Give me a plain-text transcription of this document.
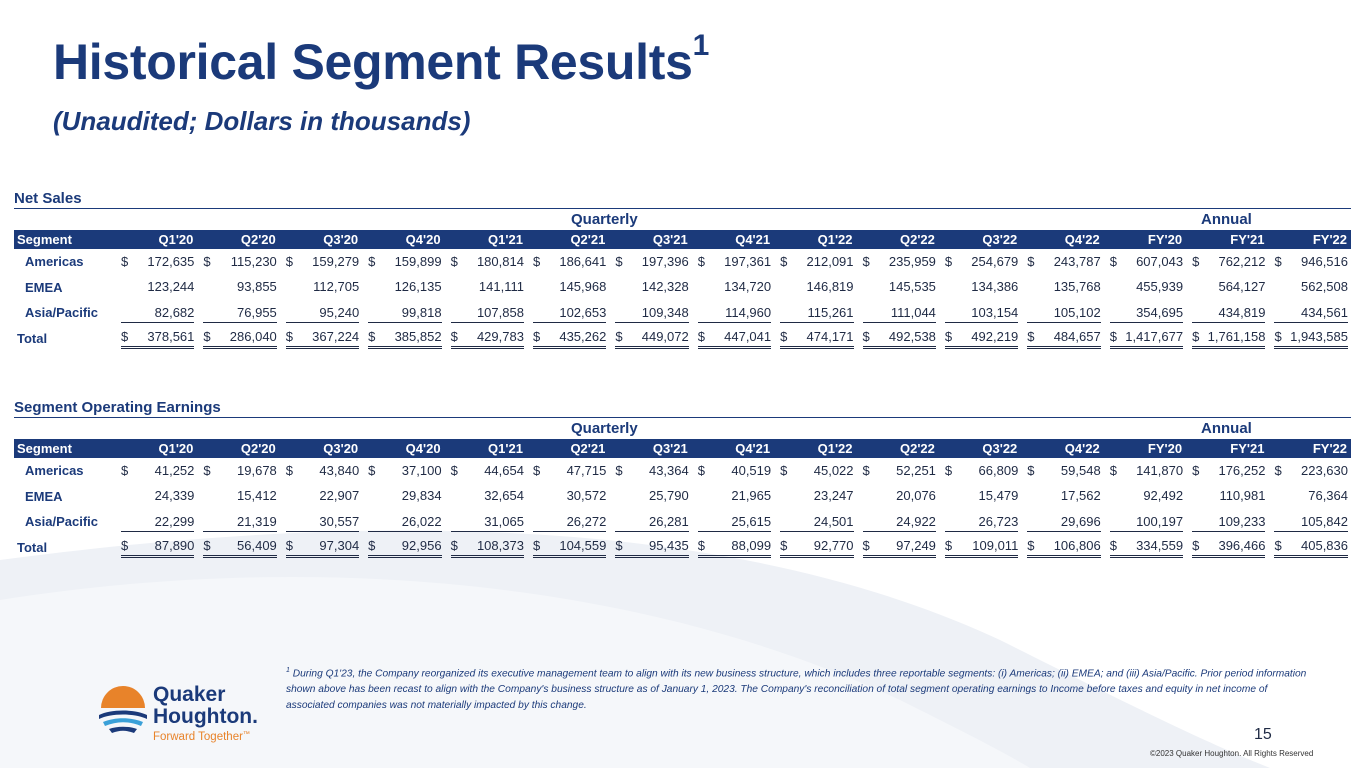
Historical Segment Results$^1$
(Unaudited; Dollars in thousands)
Net Sales
Quarterly	Annual
Segment	Q1'20	Q2'20	Q3'20	Q4'20	Q1'21	Q2'21	Q3'21	Q4'21	Q1'22	Q2'22	Q3'22	Q4'22	FY'20	FY'21	FY'22
Americas	$ 172,635	$ 115,230	$ 159,279	$ 159,899	$ 180,814	$ 186,641	$ 197,396	$ 197,361	$ 212,091	$ 235,959	$ 254,679	$ 243,787	$ 607,043	$ 762,212	$ 946,516

EMEA	123,244	93,855	112,705	126,135	141,111	145,968	142,328	134,720	146,819	145,535	134,386	135,768	455,939	564,127	562,508

Asia/Pacific	82,682	76,955	95,240	99,818	107,858	102,653	109,348	114,960	115,261	111,044	103,154	105,102	354,695	434,819	434,561

Total	$ 378,561	$ 286,040	$ 367,224	$ 385,852	$ 429,783	$ 435,262	$ 449,072	$ 447,041	$ 474,171	$ 492,538	$ 492,219	$ 484,657	$ 1,417,677	$ 1,761,158	$ 1,943,585
Segment Operating Earnings
Quarterly	Annual
Segment	Q1'20	Q2'20	Q3'20	Q4'20	Q1'21	Q2'21	Q3'21	Q4'21	Q1'22	Q2'22	Q3'22	Q4'22	FY'20	FY'21	FY'22
Americas	$ 41,252	$ 19,678	$ 43,840	$ 37,100	$ 44,654	$ 47,715	$ 43,364	$ 40,519	$ 45,022	$ 52,251	$ 66,809	$ 59,548	$ 141,870	$ 176,252	$ 223,630

EMEA	24,339	15,412	22,907	29,834	32,654	30,572	25,790	21,965	23,247	20,076	15,479	17,562	92,492	110,981	76,364

Asia/Pacific	22,299	21,319	30,557	26,022	31,065	26,272	26,281	25,615	24,501	24,922	26,723	29,696	100,197	109,233	105,842

Total	$ 87,890	$ 56,409	$ 97,304	$ 92,956	$ 108,373	$ 104,559	$ 95,435	$ 88,099	$ 92,770	$ 97,249	$ 109,011	$ 106,806	$ 334,559	$ 396,466	$ 405,836
$^1$ During Q1'23, the Company reorganized its executive management team to align with its new business structure, which includes three reportable segments: (i) Americas; (ii) EMEA; and (iii) Asia/Pacific. Prior period information shown above has been recast to align with the Company's business structure as of January 1, 2023. The Company's reconciliation of total segment operating earnings to Income before taxes and equity in net income of associated companies was not materially impacted by this change.
Quaker
Houghton.
Forward Together™	15
©2023 Quaker Houghton. All Rights Reserved
